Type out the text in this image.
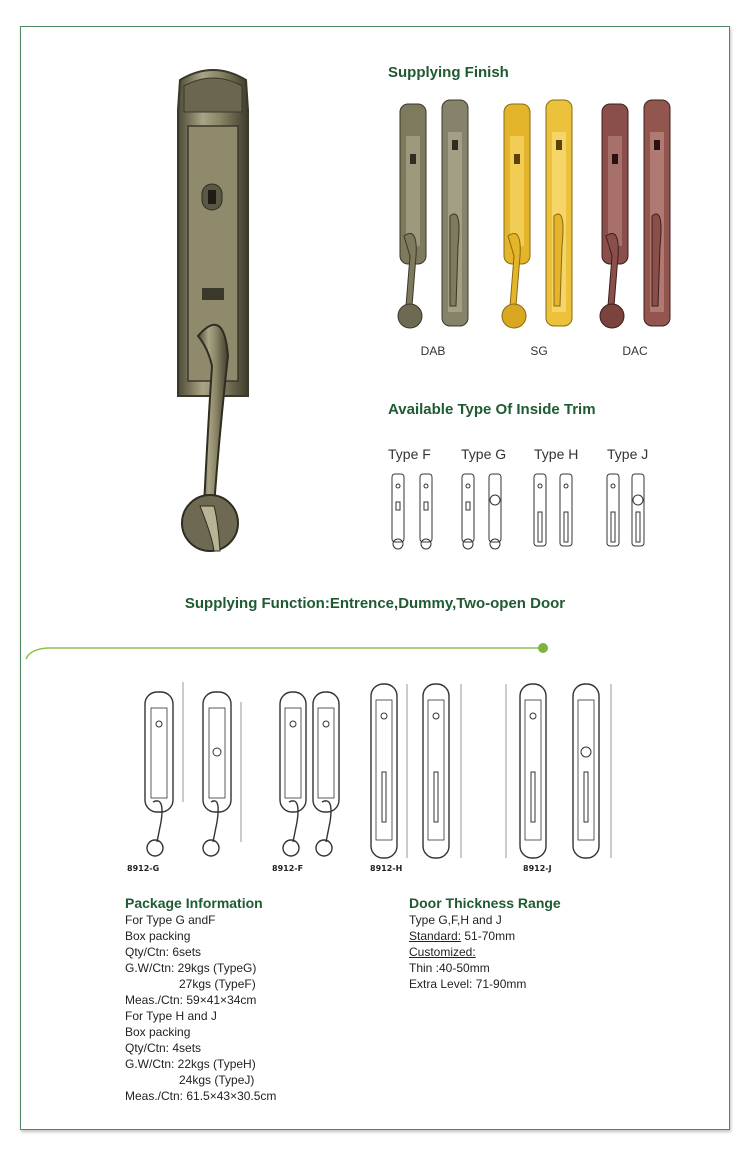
Supplying Finish
DAB	SG	DAC
Available Type Of Inside Trim
Type F Type G Type H Type J
Supplying Function:Entrence,Dummy,Two-open Door
8912-G	8912-F	8912-H	8912-J
Package Information
For Type G andF
Box packing
Qty/Ctn: 6sets
G.W/Ctn: 29kgs (TypeG)
27kgs (TypeF)
Meas./Ctn: 59×41×34cm
For Type H and J
Box packing
Qty/Ctn: 4sets
G.W/Ctn: 22kgs (TypeH)
24kgs (TypeJ)
Meas./Ctn: 61.5×43×30.5cm
Door Thickness Range
Type G,F,H and J
Standard: 51-70mm
Customized:
Thin :40-50mm
Extra Level: 71-90mm
